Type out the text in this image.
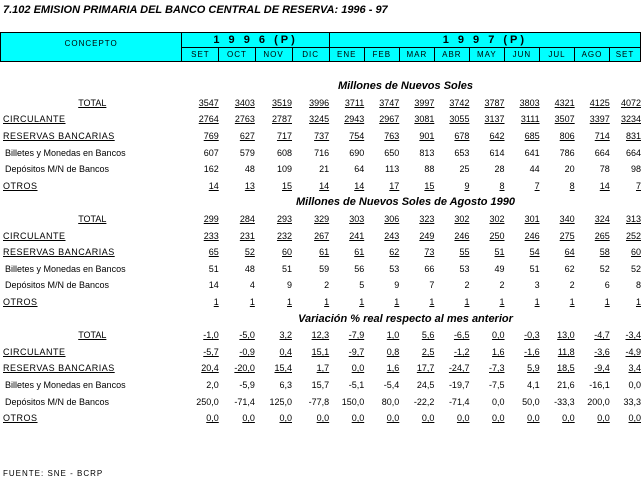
7.102 EMISION PRIMARIA DEL BANCO CENTRAL DE RESERVA: 1996 - 97
CONCEPTO	1 9 9 6 (P)				1 9 9 7 (P)								
	SET	OCT	NOV	DIC	ENE	FEB	MAR	ABR	MAY	JUN	JUL	AGO	SET
Millones de Nuevos Soles													
TOTAL	3547	3403	3519	3996	3711	3747	3997	3742	3787	3803	4321	4125	4072
CIRCULANTE	2764	2763	2787	3245	2943	2967	3081	3055	3137	3111	3507	3397	3234
RESERVAS BANCARIAS	769	627	717	737	754	763	901	678	642	685	806	714	831
Billetes y Monedas en Bancos	607	579	608	716	690	650	813	653	614	641	786	664	664
Depósitos M/N de Bancos	162	48	109	21	64	113	88	25	28	44	20	78	98
OTROS	14	13	15	14	14	17	15	9	8	7	8	14	7
Millones de Nuevos Soles de Agosto 1990													
TOTAL	299	284	293	329	303	306	323	302	302	301	340	324	313
CIRCULANTE	233	231	232	267	241	243	249	246	250	246	275	265	252
RESERVAS BANCARIAS	65	52	60	61	61	62	73	55	51	54	64	58	60
Billetes y Monedas en Bancos	51	48	51	59	56	53	66	53	49	51	62	52	52
Depósitos M/N de Bancos	14	4	9	2	5	9	7	2	2	3	2	6	8
OTROS	1	1	1	1	1	1	1	1	1	1	1	1	1
Variación % real respecto al mes anterior													
TOTAL	-1,0	-5,0	3,2	12,3	-7,9	1,0	5,6	-6,5	0,0	-0,3	13,0	-4,7	-3,4
CIRCULANTE	-5,7	-0,9	0,4	15,1	-9,7	0,8	2,5	-1,2	1,6	-1,6	11,8	-3,6	-4,9
RESERVAS BANCARIAS	20,4	-20,0	15,4	1,7	0,0	1,6	17,7	-24,7	-7,3	5,9	18,5	-9,4	3,4
Billetes y Monedas en Bancos	2,0	-5,9	6,3	15,7	-5,1	-5,4	24,5	-19,7	-7,5	4,1	21,6	-16,1	0,0
Depósitos M/N de Bancos	250,0	-71,4	125,0	-77,8	150,0	80,0	-22,2	-71,4	0,0	50,0	-33,3	200,0	33,3
OTROS	0,0	0,0	0,0	0,0	0,0	0,0	0,0	0,0	0,0	0,0	0,0	0,0	0,0
FUENTE: SNE - BCRP
